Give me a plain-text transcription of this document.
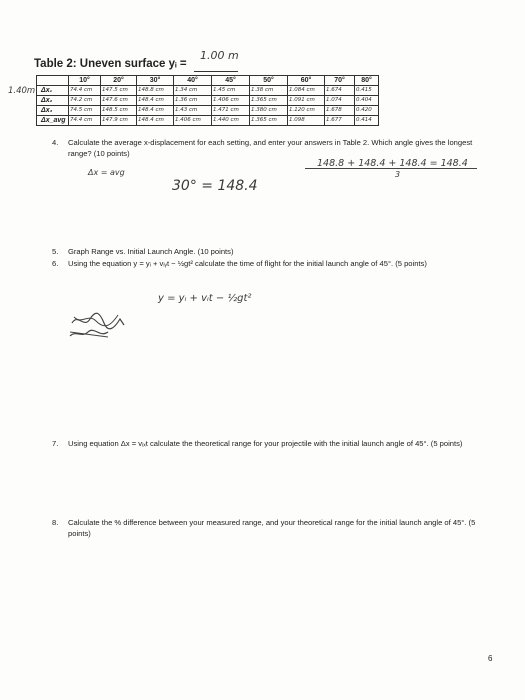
Table 2: Uneven surface yᵢ =
1.00 m
1.40m
	10°	20°	30°	40°	45°	50°	60°	70°	80°
Δx₁	74.4 cm	147.5 cm	148.8 cm	1.34 cm	1.45 cm	1.38 cm	1.084 cm	1.674	0.415
Δx₂	74.2 cm	147.6 cm	148.4 cm	1.36 cm	1.406 cm	1.365 cm	1.091 cm	1.074	0.404
Δx₃	74.5 cm	148.5 cm	148.4 cm	1.43 cm	1.471 cm	1.380 cm	1.120 cm	1.678	0.420
Δx_avg	74.4 cm	147.9 cm	148.4 cm	1.406 cm	1.440 cm	1.365 cm	1.098	1.677	0.414
4. Calculate the average x-displacement for each setting, and enter your answers in Table 2. Which angle gives the longest range? (10 points)
148.8 + 148.4 + 148.4 = 148.4
3
Δx = avg
30° = 148.4
5. Graph Range vs. Initial Launch Angle. (10 points)
6. Using the equation y = yᵢ + vᵢᵧt − ½gt² calculate the time of flight for the initial launch angle of 45°. (5 points)
y = yᵢ + vᵢt − ½gt²
7. Using equation Δx = vᵢₓt calculate the theoretical range for your projectile with the initial launch angle of 45°. (5 points)
8. Calculate the % difference between your measured range, and your theoretical range for the initial launch angle of 45°. (5 points)
6
